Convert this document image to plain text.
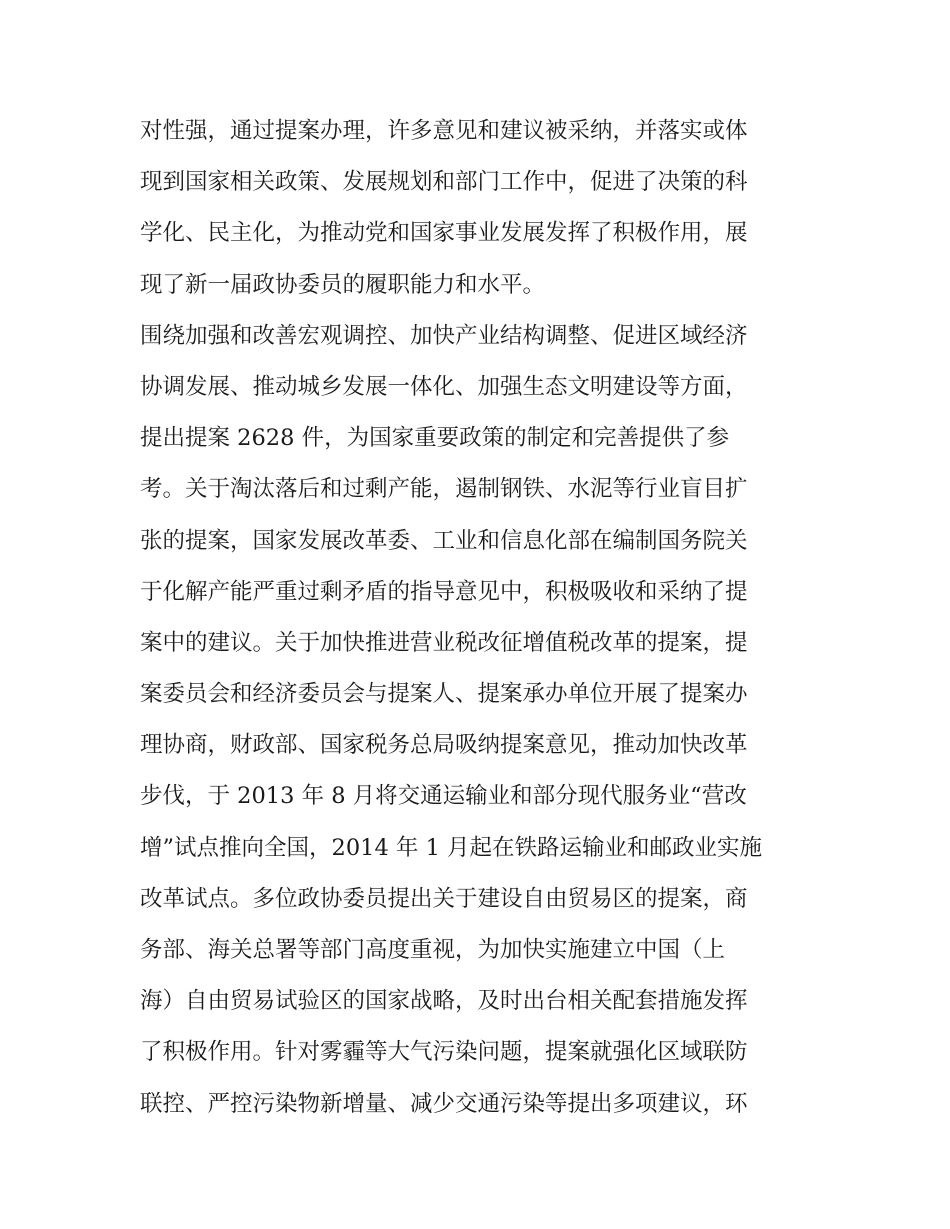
对性强，通过提案办理，许多意见和建议被采纳，并落实或体
现到国家相关政策、发展规划和部门工作中，促进了决策的科
学化、民主化，为推动党和国家事业发展发挥了积极作用，展
现了新一届政协委员的履职能力和水平。
围绕加强和改善宏观调控、加快产业结构调整、促进区域经济
协调发展、推动城乡发展一体化、加强生态文明建设等方面，
提出提案 2628 件，为国家重要政策的制定和完善提供了参
考。关于淘汰落后和过剩产能，遏制钢铁、水泥等行业盲目扩
张的提案，国家发展改革委、工业和信息化部在编制国务院关
于化解产能严重过剩矛盾的指导意见中，积极吸收和采纳了提
案中的建议。关于加快推进营业税改征增值税改革的提案，提
案委员会和经济委员会与提案人、提案承办单位开展了提案办
理协商，财政部、国家税务总局吸纳提案意见，推动加快改革
步伐，于 2013 年 8 月将交通运输业和部分现代服务业“营改
增”试点推向全国，2014 年 1 月起在铁路运输业和邮政业实施
改革试点。多位政协委员提出关于建设自由贸易区的提案，商
务部、海关总署等部门高度重视，为加快实施建立中国（上
海）自由贸易试验区的国家战略，及时出台相关配套措施发挥
了积极作用。针对雾霾等大气污染问题，提案就强化区域联防
联控、严控污染物新增量、减少交通污染等提出多项建议，环
